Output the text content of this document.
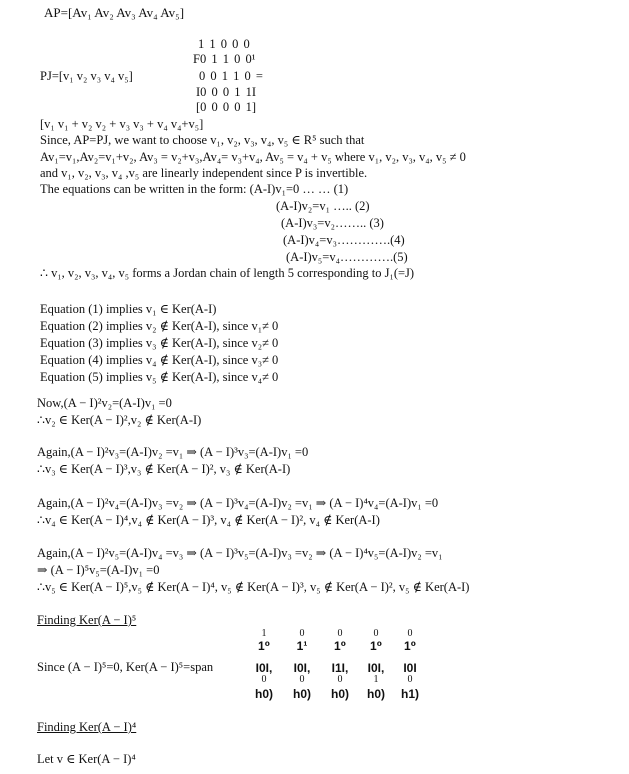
AP=[Av₁ Av₂ Av₃ Av₄ Av₅]
PJ=[v₁ v₂ v₃ v₄ v₅]
1 1 0 0 0
F0 1 1 0 0¹
0 0 1 1 0 =
I0 0 0 1 1I
[0 0 0 0 1]
[v₁ v₁ + v₂ v₂ + v₃ v₃ + v₄ v₄+v₅]
Since, AP=PJ, we want to choose v₁, v₂, v₃, v₄, v₅ ∈ R⁵ such that
Av₁=v₁,Av₂=v₁+v₂, Av₃ = v₂+v₃,Av₄= v₃+v₄, Av₅ = v₄ + v₅ where v₁, v₂, v₃, v₄, v₅ ≠ 0
and v₁, v₂, v₃, v₄ ,v₅ are linearly independent since P is invertible.
The equations can be written in the form: (A-I)v₁=0 … … (1)
(A-I)v₂=v₁ ….. (2)
(A-I)v₃=v₂…….. (3)
(A-I)v₄=v₃………….(4)
(A-I)v₅=v₄………….(5)
∴ v₁, v₂, v₃, v₄, v₅ forms a Jordan chain of length 5 corresponding to J₁(=J)
Equation (1) implies v₁ ∈ Ker(A-I)
Equation (2) implies v₂ ∉ Ker(A-I), since v₁≠ 0
Equation (3) implies v₃ ∉ Ker(A-I), since v₂≠ 0
Equation (4) implies v₄ ∉ Ker(A-I), since v₃≠ 0
Equation (5) implies v₅ ∉ Ker(A-I), since v₄≠ 0
Now,(A − I)²v₂=(A-I)v₁ =0
∴v₂ ∈ Ker(A − I)²,v₂ ∉ Ker(A-I)
Again,(A − I)²v₃=(A-I)v₂ =v₁ ⇒ (A − I)³v₃=(A-I)v₁ =0
∴v₃ ∈ Ker(A − I)³,v₃ ∉ Ker(A − I)², v₃ ∉ Ker(A-I)
Again,(A − I)²v₄=(A-I)v₃ =v₂ ⇒ (A − I)³v₄=(A-I)v₂ =v₁ ⇒ (A − I)⁴v₄=(A-I)v₁ =0
∴v₄ ∈ Ker(A − I)⁴,v₄ ∉ Ker(A − I)³, v₄ ∉ Ker(A − I)², v₄ ∉ Ker(A-I)
Again,(A − I)²v₅=(A-I)v₄ =v₃ ⇒ (A − I)³v₅=(A-I)v₃ =v₂ ⇒ (A − I)⁴v₅=(A-I)v₂ =v₁
⇒ (A − I)⁵v₅=(A-I)v₁ =0
∴v₅ ∈ Ker(A − I)⁵,v₅ ∉ Ker(A − I)⁴, v₅ ∉ Ker(A − I)³, v₅ ∉ Ker(A − I)², v₅ ∉ Ker(A-I)
Finding Ker(A − I)⁵
Since (A − I)⁵=0, Ker(A − I)⁵=span
1
1⁰
I0I,
0
h0)
0
1¹
I0I,
0
h0)
0
1⁰
I1I,
0
h0)
0
1⁰
I0I,
1
h0)
0
1⁰
I0I
0
h1)
Finding Ker(A − I)⁴
Let v ∈ Ker(A − I)⁴
